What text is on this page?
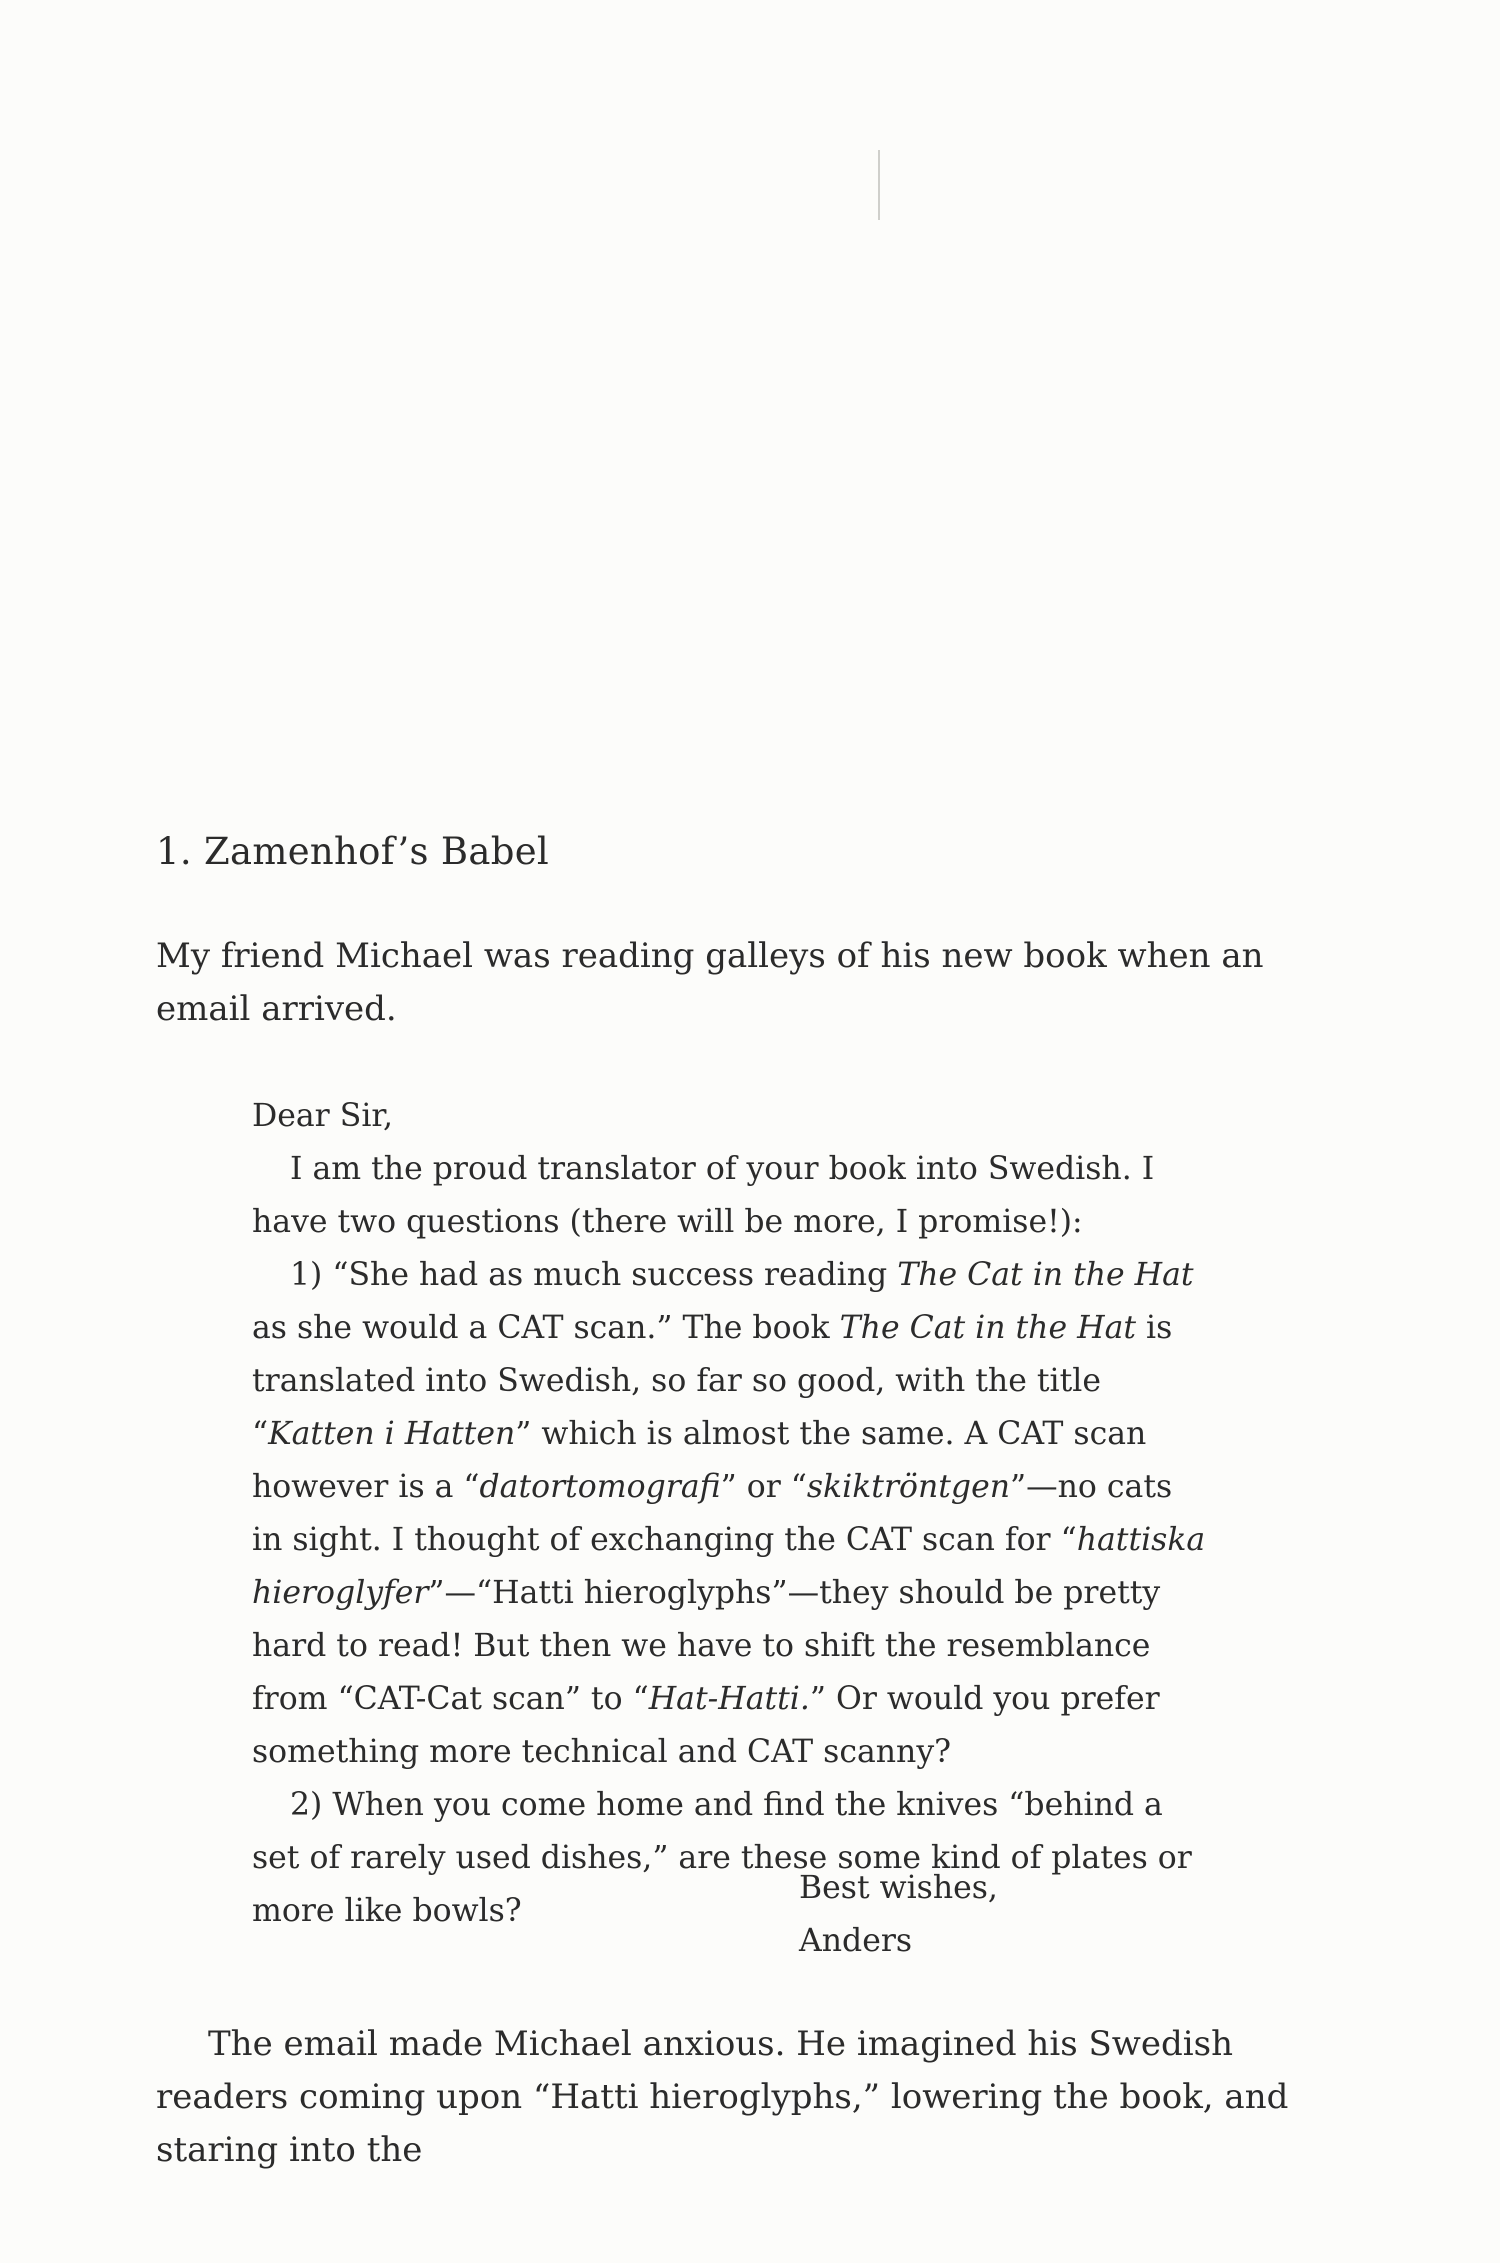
1. Zamenhof’s Babel

My friend Michael was reading galleys of his new book when an email arrived.

Dear Sir,

I am the proud translator of your book into Swedish. I have two questions (there will be more, I promise!):

1) “She had as much success reading The Cat in the Hat as she would a CAT scan.” The book The Cat in the Hat is translated into Swedish, so far so good, with the title “Katten i Hatten” which is almost the same. A CAT scan however is a “datortomografi” or “skiktröntgen”—no cats in sight. I thought of exchanging the CAT scan for “hattiska hieroglyfer”—“Hatti hieroglyphs”—they should be pretty hard to read! But then we have to shift the resemblance from “CAT-Cat scan” to “Hat-Hatti.” Or would you prefer something more technical and CAT scanny?

2) When you come home and find the knives “behind a set of rarely used dishes,” are these some kind of plates or more like bowls?

Best wishes,
Anders

The email made Michael anxious. He imagined his Swedish readers coming upon “Hatti hieroglyphs,” lowering the book, and staring into the
